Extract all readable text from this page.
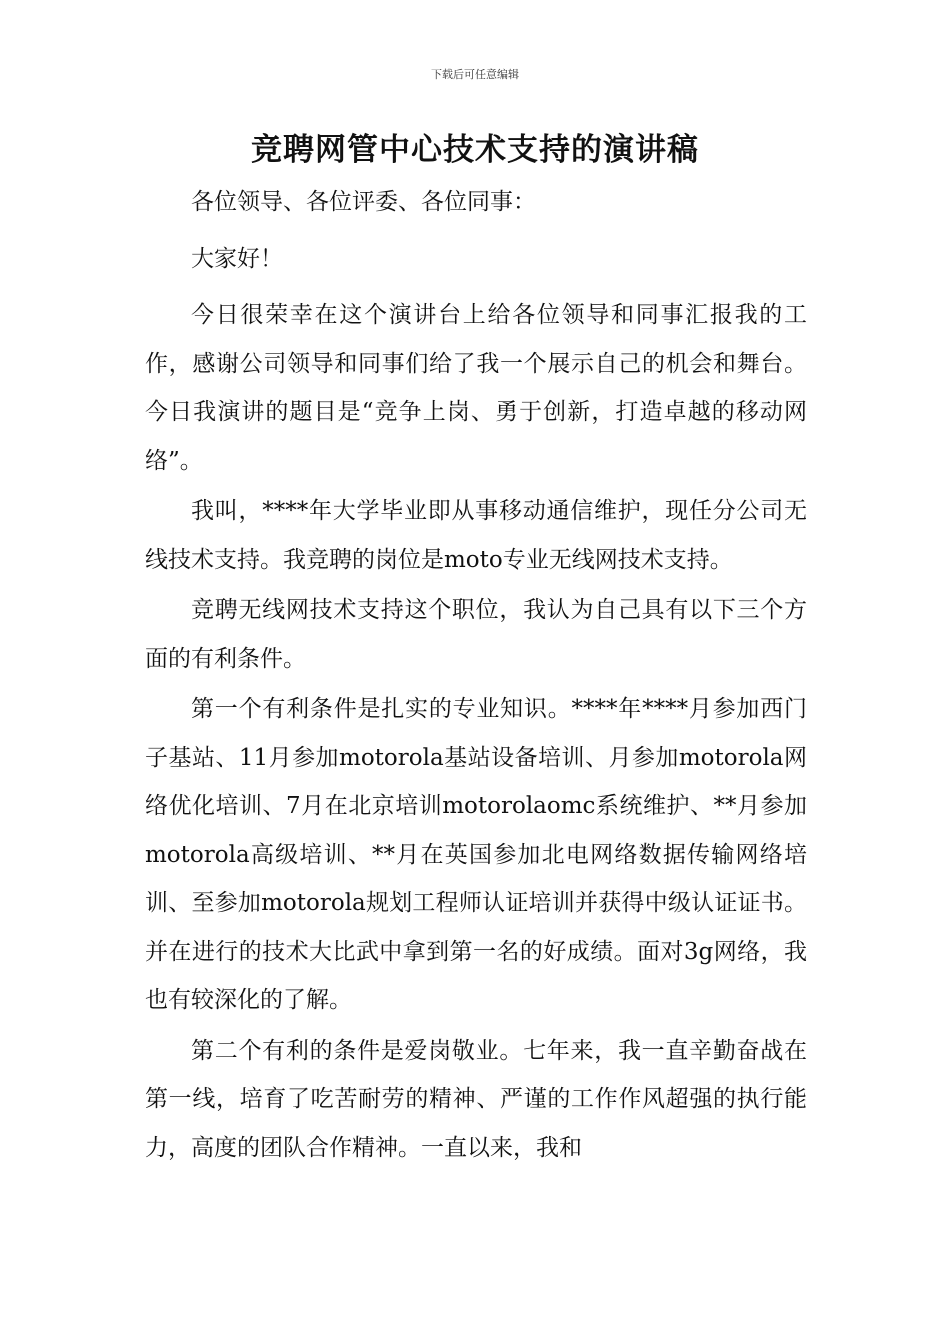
下载后可任意编辑
竞聘网管中心技术支持的演讲稿

各位领导、各位评委、各位同事：

大家好！

今日很荣幸在这个演讲台上给各位领导和同事汇报我的工作，感谢公司领导和同事们给了我一个展示自己的机会和舞台。今日我演讲的题目是“竞争上岗、勇于创新，打造卓越的移动网络”。

我叫，****年大学毕业即从事移动通信维护，现任分公司无线技术支持。我竞聘的岗位是moto专业无线网技术支持。

竞聘无线网技术支持这个职位，我认为自己具有以下三个方面的有利条件。

第一个有利条件是扎实的专业知识。****年****月参加西门子基站、11月参加motorola基站设备培训、月参加motorola网络优化培训、7月在北京培训motorolaomc系统维护、**月参加motorola高级培训、**月在英国参加北电网络数据传输网络培训、至参加motorola规划工程师认证培训并获得中级认证证书。并在进行的技术大比武中拿到第一名的好成绩。面对3g网络，我也有较深化的了解。

第二个有利的条件是爱岗敬业。七年来，我一直辛勤奋战在第一线，培育了吃苦耐劳的精神、严谨的工作作风超强的执行能力，高度的团队合作精神。一直以来，我和
